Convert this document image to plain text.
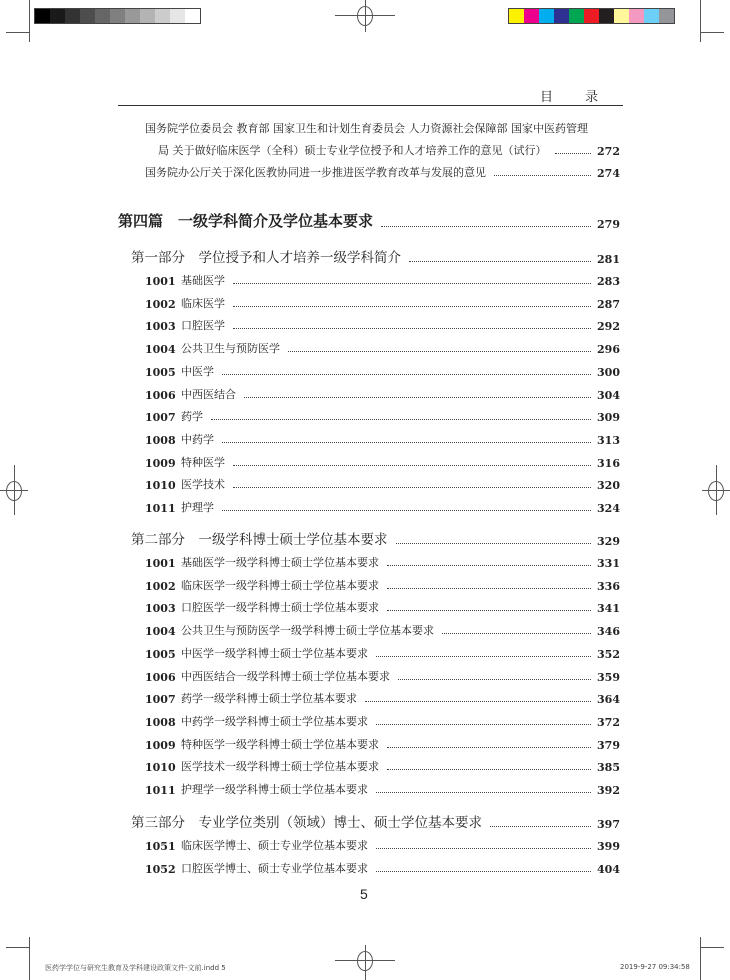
目 录
国务院学位委员会 教育部 国家卫生和计划生育委员会 人力资源社会保障部 国家中医药管理
局 关于做好临床医学（全科）硕士专业学位授予和人才培养工作的意见（试行）	272
国务院办公厅关于深化医教协同进一步推进医学教育改革与发展的意见	274
第四篇　一级学科简介及学位基本要求	279
第一部分　学位授予和人才培养一级学科简介	281
1001 基础医学	283
1002 临床医学	287
1003 口腔医学	292
1004 公共卫生与预防医学	296
1005 中医学	300
1006 中西医结合	304
1007 药学	309
1008 中药学	313
1009 特种医学	316
1010 医学技术	320
1011 护理学	324
第二部分　一级学科博士硕士学位基本要求	329
1001 基础医学一级学科博士硕士学位基本要求	331
1002 临床医学一级学科博士硕士学位基本要求	336
1003 口腔医学一级学科博士硕士学位基本要求	341
1004 公共卫生与预防医学一级学科博士硕士学位基本要求	346
1005 中医学一级学科博士硕士学位基本要求	352
1006 中西医结合一级学科博士硕士学位基本要求	359
1007 药学一级学科博士硕士学位基本要求	364
1008 中药学一级学科博士硕士学位基本要求	372
1009 特种医学一级学科博士硕士学位基本要求	379
1010 医学技术一级学科博士硕士学位基本要求	385
1011 护理学一级学科博士硕士学位基本要求	392
第三部分　专业学位类别（领域）博士、硕士学位基本要求	397
1051 临床医学博士、硕士专业学位基本要求	399
1052 口腔医学博士、硕士专业学位基本要求	404
5
医药学学位与研究生教育及学科建设政策文件-文前.indd 5	2019-9-27 09:34:58
